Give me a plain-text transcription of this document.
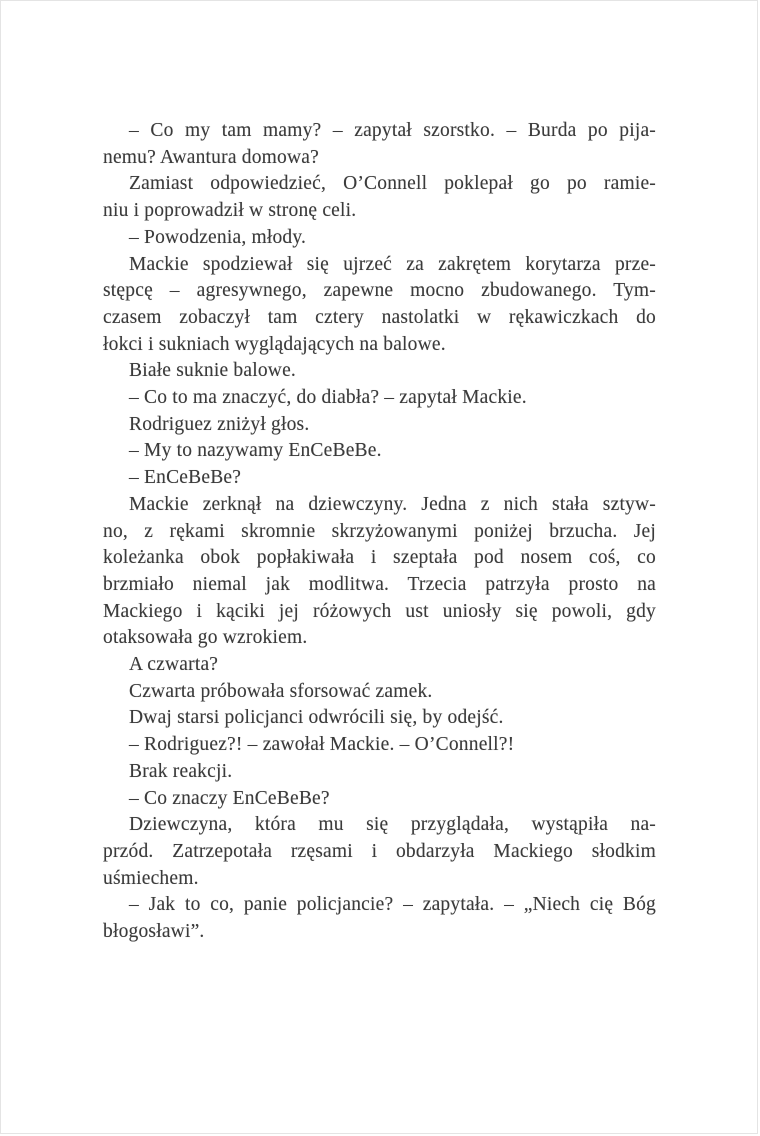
– Co my tam mamy? – zapytał szorstko. – Burda po pija-
nemu? Awantura domowa?
Zamiast odpowiedzieć, O’Connell poklepał go po ramie-
niu i poprowadził w stronę celi.
– Powodzenia, młody.
Mackie spodziewał się ujrzeć za zakrętem korytarza prze-
stępcę – agresywnego, zapewne mocno zbudowanego. Tym-
czasem zobaczył tam cztery nastolatki w rękawiczkach do
łokci i sukniach wyglądających na balowe.
Białe suknie balowe.
– Co to ma znaczyć, do diabła? – zapytał Mackie.
Rodriguez zniżył głos.
– My to nazywamy EnCeBeBe.
– EnCeBeBe?
Mackie zerknął na dziewczyny. Jedna z nich stała sztyw-
no, z rękami skromnie skrzyżowanymi poniżej brzucha. Jej
koleżanka obok popłakiwała i szeptała pod nosem coś, co
brzmiało niemal jak modlitwa. Trzecia patrzyła prosto na
Mackiego i kąciki jej różowych ust uniosły się powoli, gdy
otaksowała go wzrokiem.
A czwarta?
Czwarta próbowała sforsować zamek.
Dwaj starsi policjanci odwrócili się, by odejść.
– Rodriguez?! – zawołał Mackie. – O’Connell?!
Brak reakcji.
– Co znaczy EnCeBeBe?
Dziewczyna, która mu się przyglądała, wystąpiła na-
przód. Zatrzepotała rzęsami i obdarzyła Mackiego słodkim
uśmiechem.
– Jak to co, panie policjancie? – zapytała. – „Niech cię Bóg
błogosławi”.
